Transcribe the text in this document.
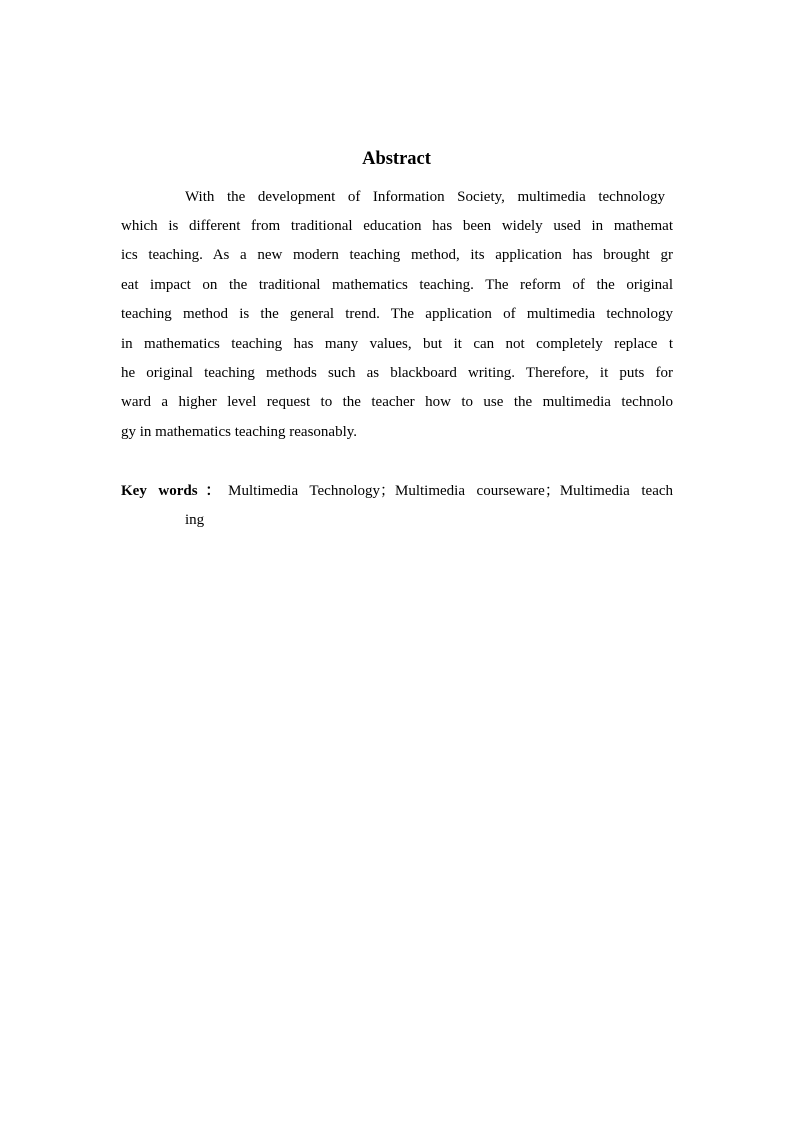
Abstract
With the development of Information Society, multimedia technology
which is different from traditional education has been widely used in mathemat
ics teaching. As a new modern teaching method, its application has brought gr
eat impact on the traditional mathematics teaching. The reform of the original
teaching method is the general trend. The application of multimedia technology
in mathematics teaching has many values, but it can not completely replace t
he original teaching methods such as blackboard writing. Therefore, it puts for
ward a higher level request to the teacher how to use the multimedia technolo
gy in mathematics teaching reasonably.
Key words：Multimedia Technology；Multimedia courseware；Multimedia teach
ing
